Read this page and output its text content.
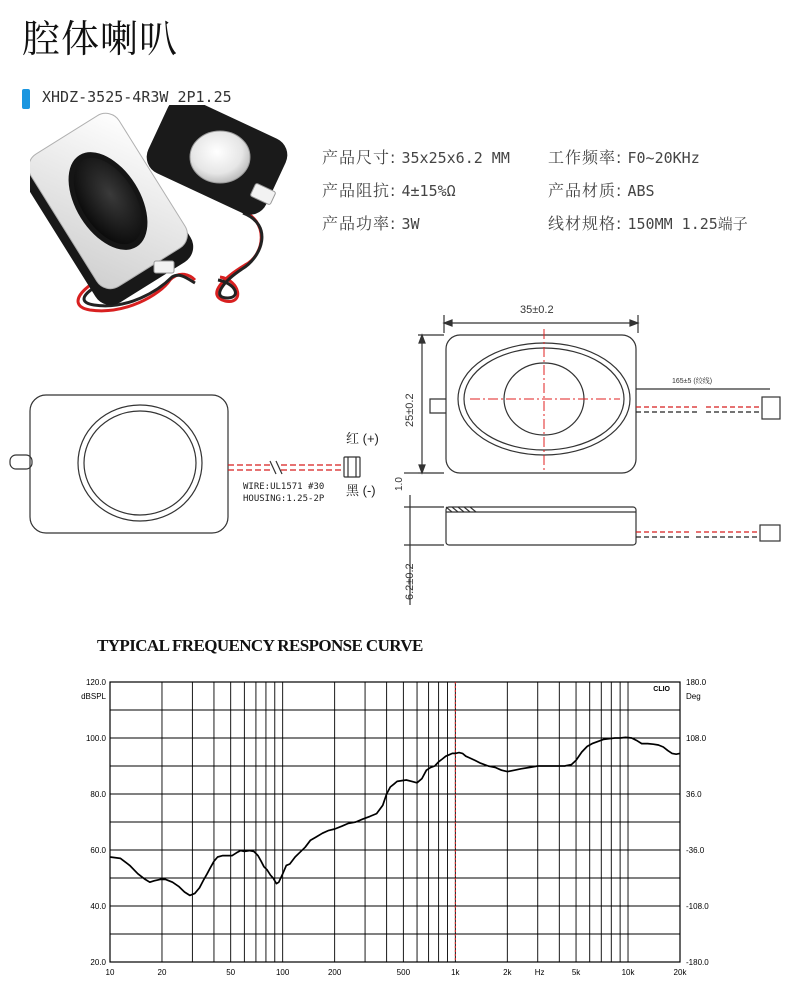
腔体喇叭
XHDZ-3525-4R3W 2P1.25
产品尺寸: 35x25x6.2 MM 工作频率: F0~20KHz
产品阻抗: 4±15%Ω	产品材质: ABS
产品功率: 3W	线材规格: 150MM 1.25端子
35±0.2
25±0.2
6.2±0.2
1.0
165±5 (绞线)
红 (+)
黑 (-)
WIRE:UL1571 #30
HOUSING:1.25-2P
TYPICAL FREQUENCY RESPONSE CURVE
20.0
40.0
60.0
80.0
100.0
120.0
-180.0
-108.0
-36.0
36.0
108.0
180.0
10	20	50	100	200	500	1k	2k	Hz	5k	10k	20k
dBSPL	Deg
CLIO
